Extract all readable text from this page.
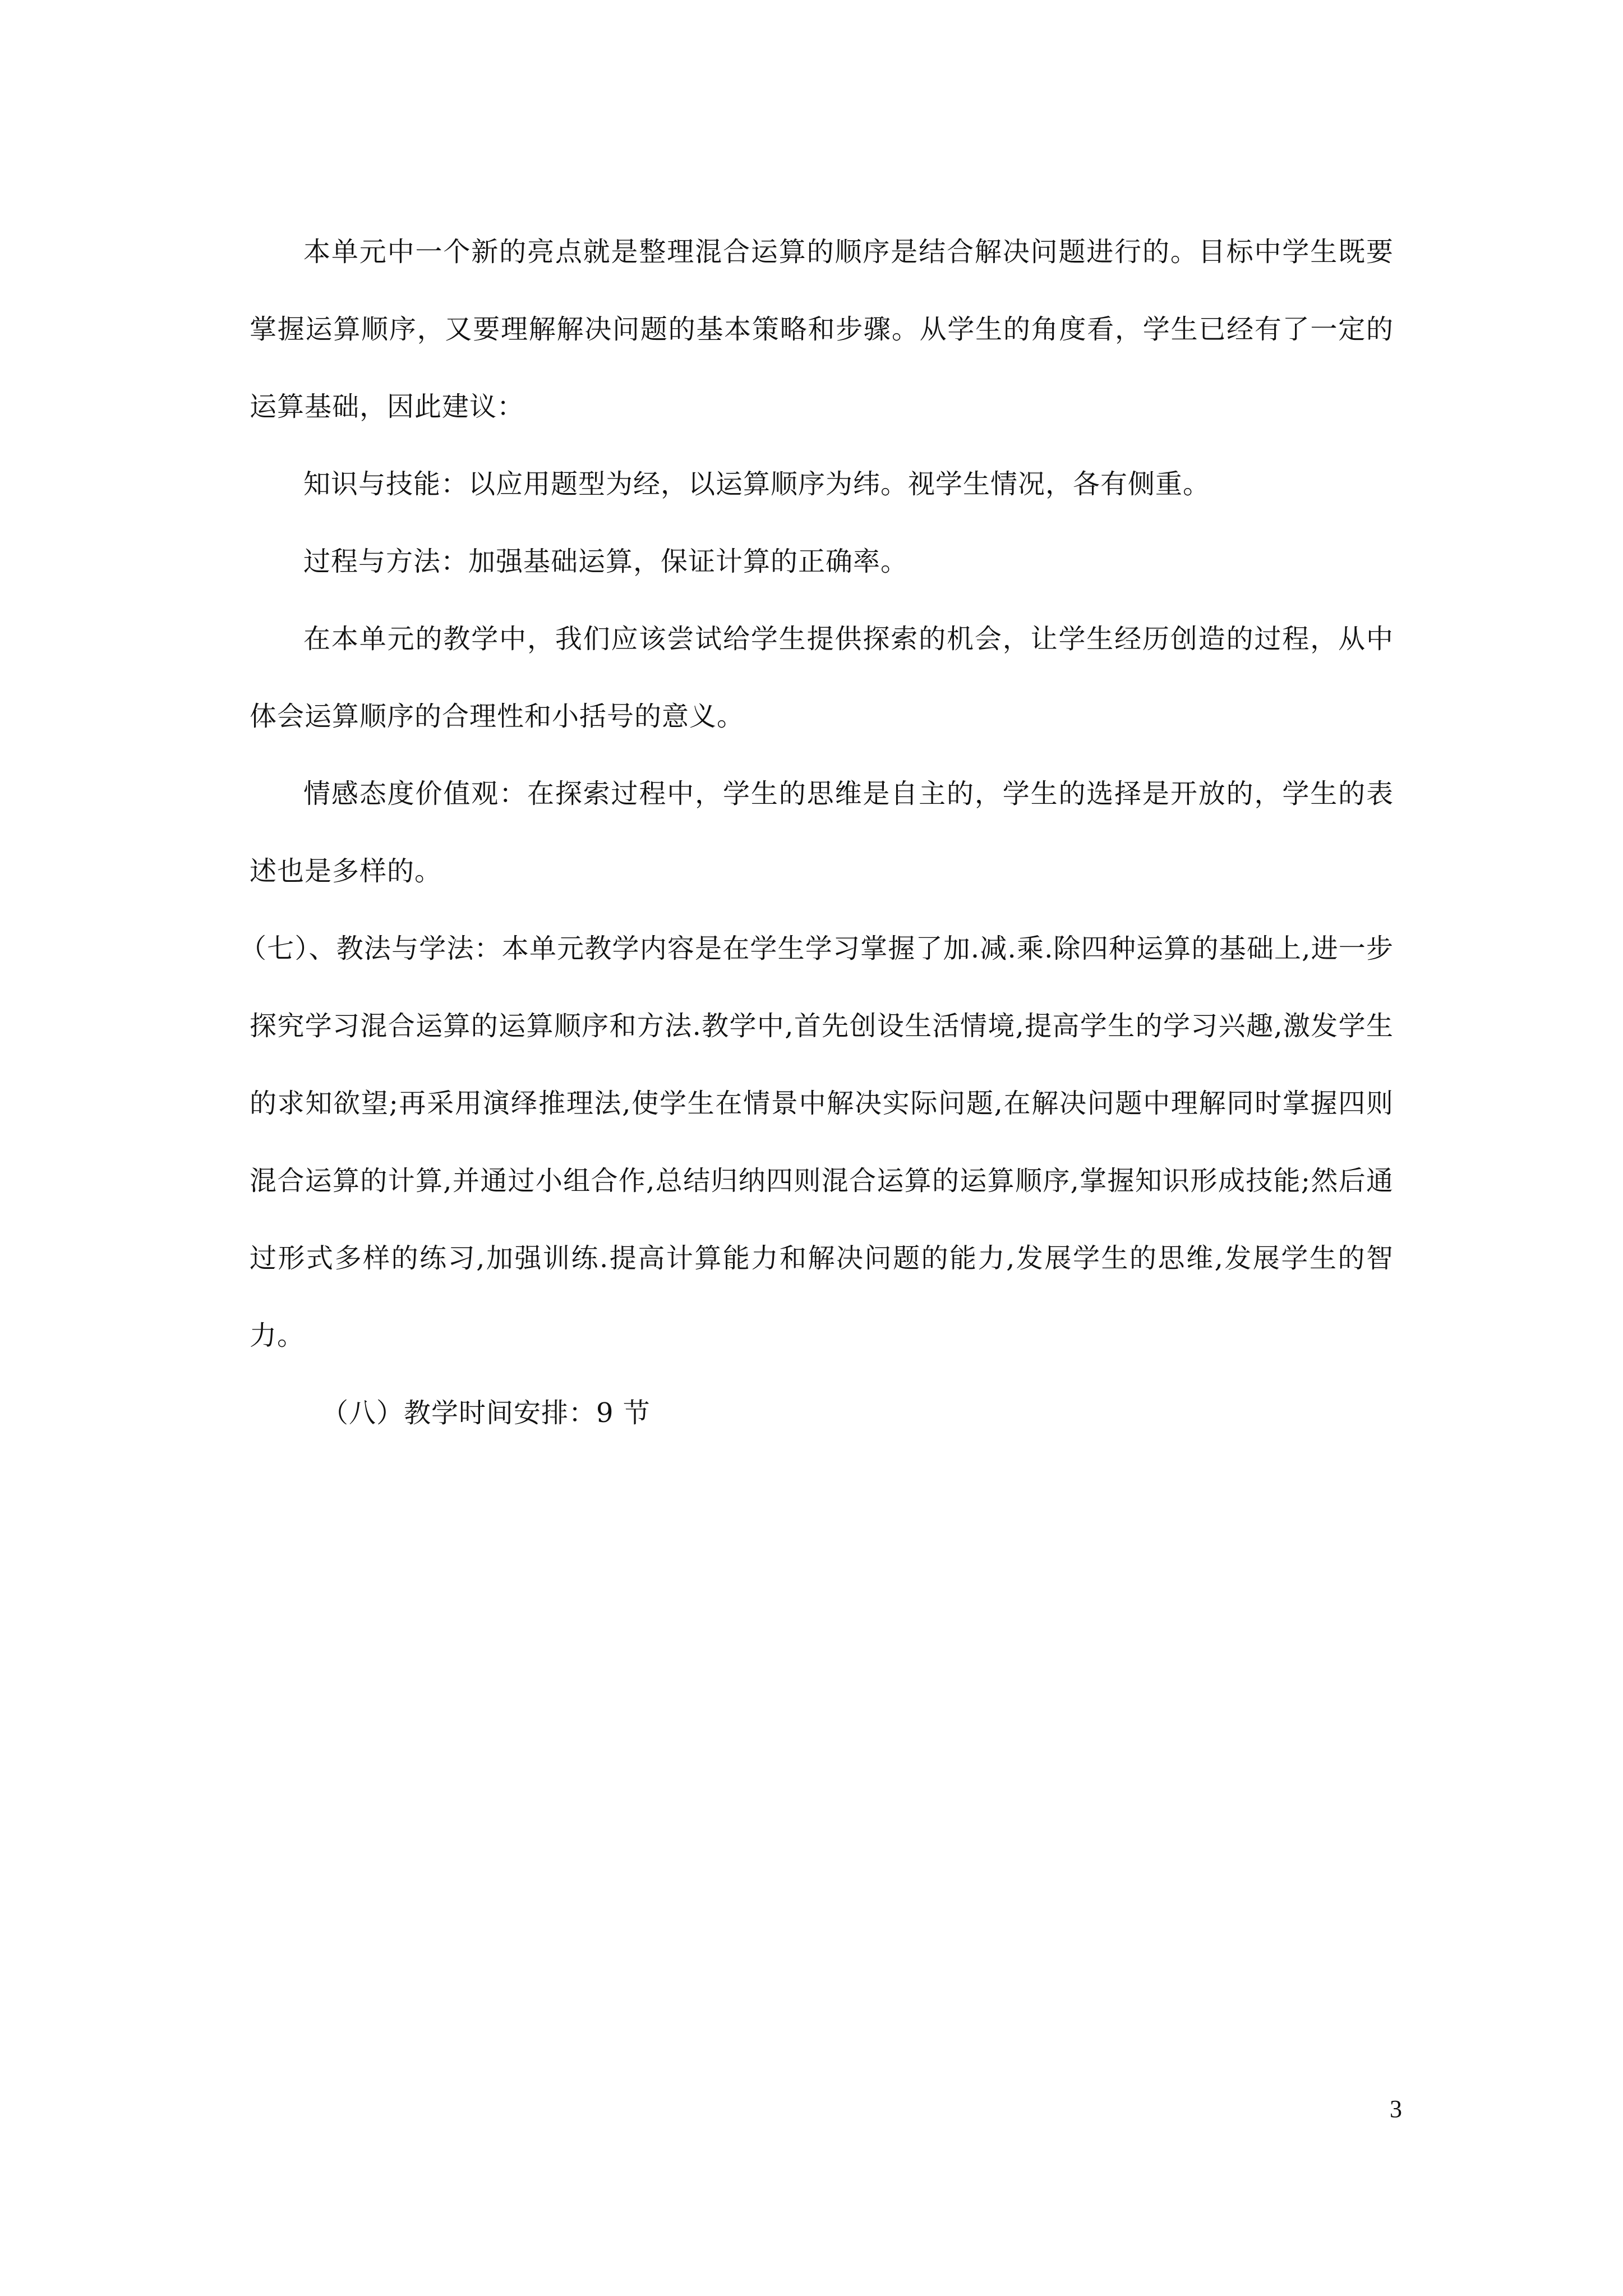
本单元中一个新的亮点就是整理混合运算的顺序是结合解决问题进行的。目标中学生既要掌握运算顺序，又要理解解决问题的基本策略和步骤。从学生的角度看，学生已经有了一定的运算基础，因此建议：

知识与技能：以应用题型为经，以运算顺序为纬。视学生情况，各有侧重。

过程与方法：加强基础运算，保证计算的正确率。

在本单元的教学中，我们应该尝试给学生提供探索的机会，让学生经历创造的过程，从中体会运算顺序的合理性和小括号的意义。

情感态度价值观：在探索过程中，学生的思维是自主的，学生的选择是开放的，学生的表述也是多样的。

（七）、教法与学法：本单元教学内容是在学生学习掌握了加.减.乘.除四种运算的基础上,进一步探究学习混合运算的运算顺序和方法.教学中,首先创设生活情境,提高学生的学习兴趣,激发学生的求知欲望;再采用演绎推理法,使学生在情景中解决实际问题,在解决问题中理解同时掌握四则混合运算的计算,并通过小组合作,总结归纳四则混合运算的运算顺序,掌握知识形成技能;然后通过形式多样的练习,加强训练.提高计算能力和解决问题的能力,发展学生的思维,发展学生的智力。

（八）教学时间安排：9 节

3
